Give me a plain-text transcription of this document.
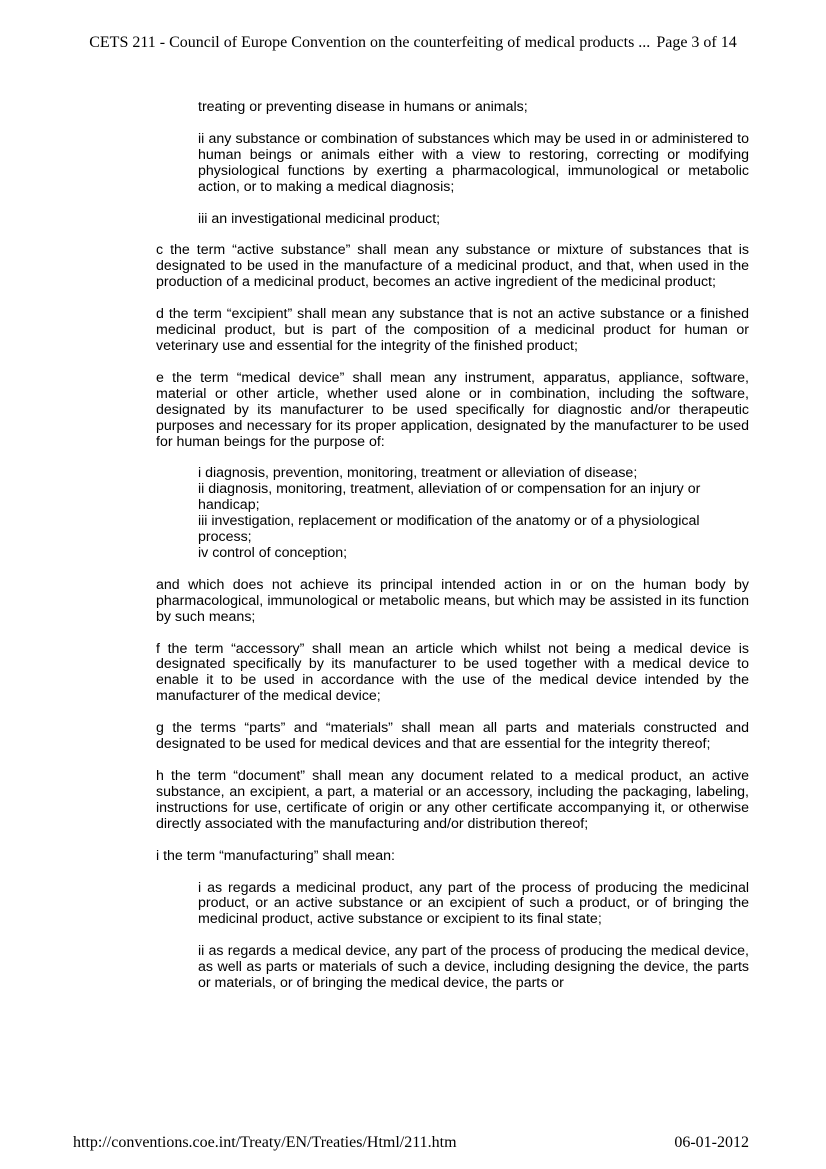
CETS 211 - Council of Europe Convention on the counterfeiting of medical products ... Page 3 of 14

treating or preventing disease in humans or animals;

ii any substance or combination of substances which may be used in or administered to human beings or animals either with a view to restoring, correcting or modifying physiological functions by exerting a pharmacological, immunological or metabolic action, or to making a medical diagnosis;

iii an investigational medicinal product;

c the term “active substance” shall mean any substance or mixture of substances that is designated to be used in the manufacture of a medicinal product, and that, when used in the production of a medicinal product, becomes an active ingredient of the medicinal product;

d the term “excipient” shall mean any substance that is not an active substance or a finished medicinal product, but is part of the composition of a medicinal product for human or veterinary use and essential for the integrity of the finished product;

e the term “medical device” shall mean any instrument, apparatus, appliance, software, material or other article, whether used alone or in combination, including the software, designated by its manufacturer to be used specifically for diagnostic and/or therapeutic purposes and necessary for its proper application, designated by the manufacturer to be used for human beings for the purpose of:

i diagnosis, prevention, monitoring, treatment or alleviation of disease;

ii diagnosis, monitoring, treatment, alleviation of or compensation for an injury or handicap;

iii investigation, replacement or modification of the anatomy or of a physiological process;

iv control of conception;

and which does not achieve its principal intended action in or on the human body by pharmacological, immunological or metabolic means, but which may be assisted in its function by such means;

f the term “accessory” shall mean an article which whilst not being a medical device is designated specifically by its manufacturer to be used together with a medical device to enable it to be used in accordance with the use of the medical device intended by the manufacturer of the medical device;

g the terms “parts” and “materials” shall mean all parts and materials constructed and designated to be used for medical devices and that are essential for the integrity thereof;

h the term “document” shall mean any document related to a medical product, an active substance, an excipient, a part, a material or an accessory, including the packaging, labeling, instructions for use, certificate of origin or any other certificate accompanying it, or otherwise directly associated with the manufacturing and/or distribution thereof;

i the term “manufacturing” shall mean:

i as regards a medicinal product, any part of the process of producing the medicinal product, or an active substance or an excipient of such a product, or of bringing the medicinal product, active substance or excipient to its final state;

ii as regards a medical device, any part of the process of producing the medical device, as well as parts or materials of such a device, including designing the device, the parts or materials, or of bringing the medical device, the parts or

http://conventions.coe.int/Treaty/EN/Treaties/Html/211.htm	06-01-2012
